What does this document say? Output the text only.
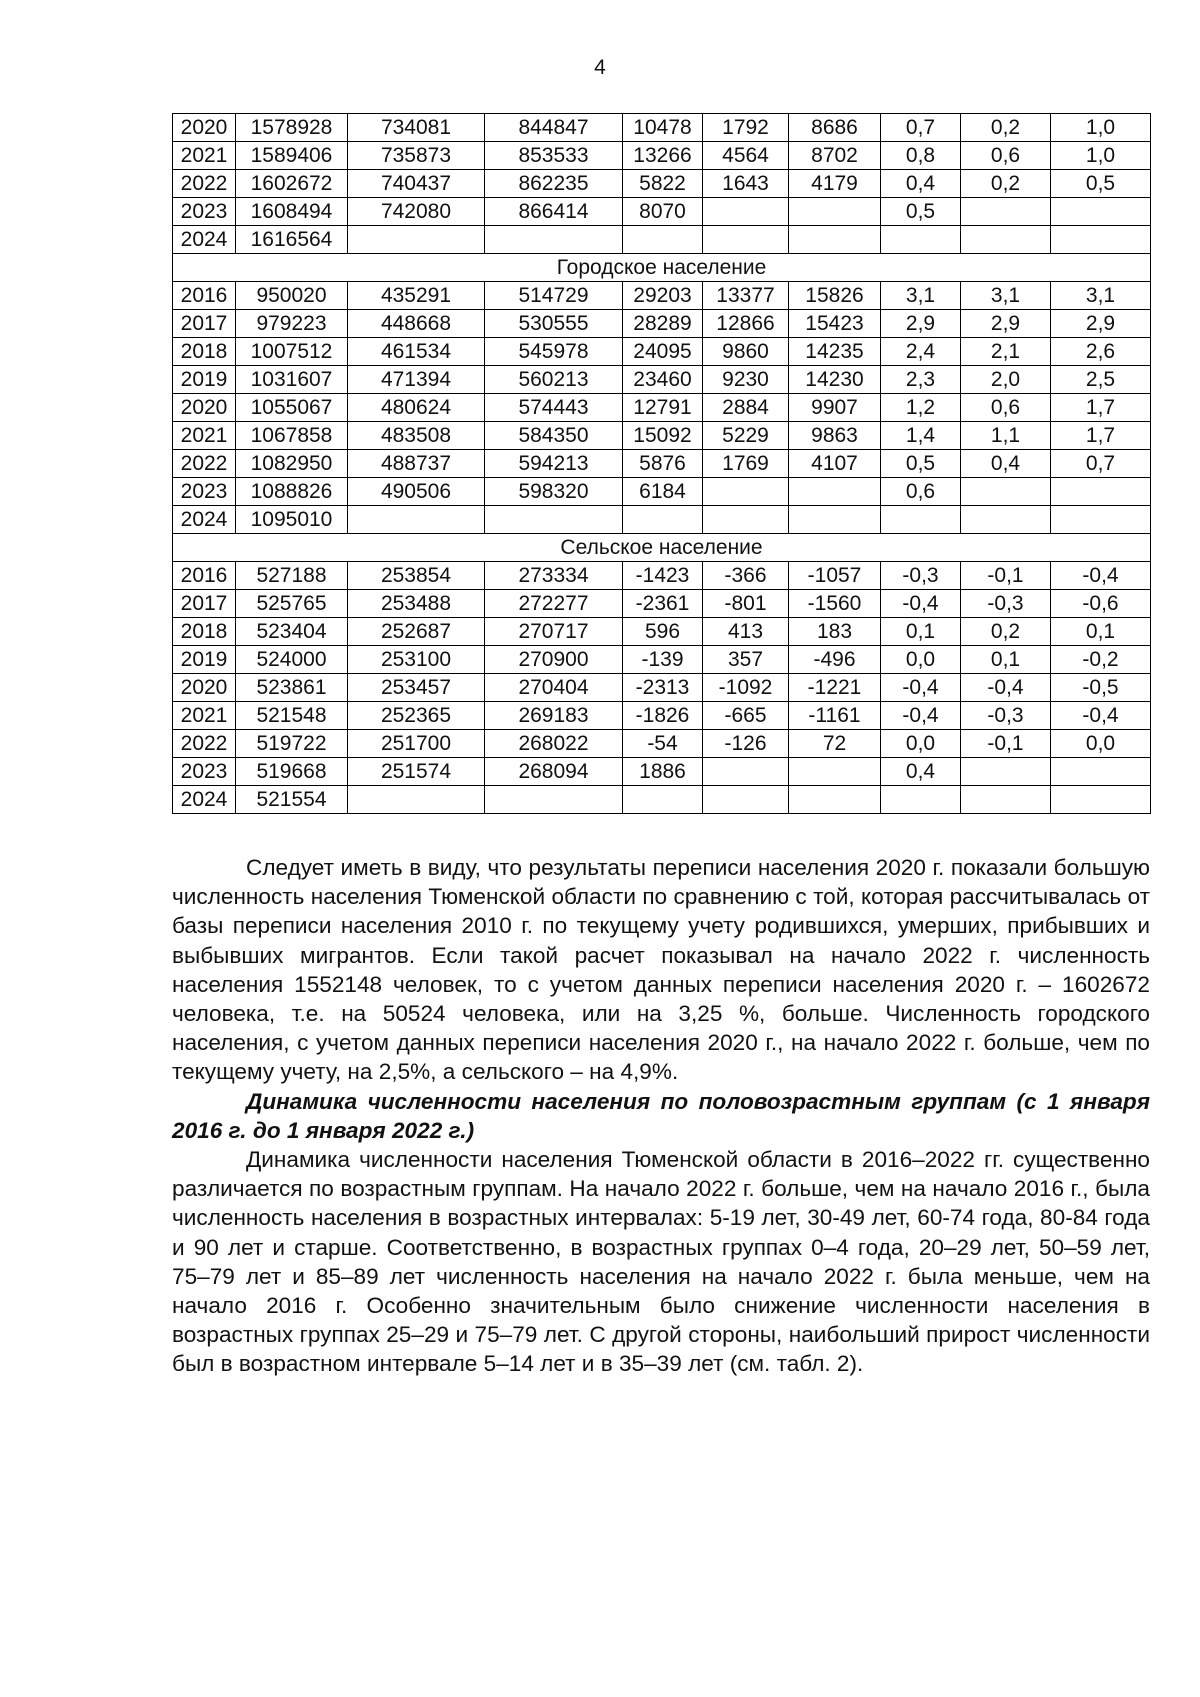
4
2020	1578928	734081	844847	10478	1792	8686	0,7	0,2	1,0
2021	1589406	735873	853533	13266	4564	8702	0,8	0,6	1,0
2022	1602672	740437	862235	5822	1643	4179	0,4	0,2	0,5
2023	1608494	742080	866414	8070			0,5		
2024	1616564								
Городское население									
2016	950020	435291	514729	29203	13377	15826	3,1	3,1	3,1
2017	979223	448668	530555	28289	12866	15423	2,9	2,9	2,9
2018	1007512	461534	545978	24095	9860	14235	2,4	2,1	2,6
2019	1031607	471394	560213	23460	9230	14230	2,3	2,0	2,5
2020	1055067	480624	574443	12791	2884	9907	1,2	0,6	1,7
2021	1067858	483508	584350	15092	5229	9863	1,4	1,1	1,7
2022	1082950	488737	594213	5876	1769	4107	0,5	0,4	0,7
2023	1088826	490506	598320	6184			0,6		
2024	1095010								
Сельское население									
2016	527188	253854	273334	-1423	-366	-1057	-0,3	-0,1	-0,4
2017	525765	253488	272277	-2361	-801	-1560	-0,4	-0,3	-0,6
2018	523404	252687	270717	596	413	183	0,1	0,2	0,1
2019	524000	253100	270900	-139	357	-496	0,0	0,1	-0,2
2020	523861	253457	270404	-2313	-1092	-1221	-0,4	-0,4	-0,5
2021	521548	252365	269183	-1826	-665	-1161	-0,4	-0,3	-0,4
2022	519722	251700	268022	-54	-126	72	0,0	-0,1	0,0
2023	519668	251574	268094	1886			0,4		
2024	521554								

Следует иметь в виду, что результаты переписи населения 2020 г. показали большую численность населения Тюменской области по сравнению с той, которая рассчитывалась от базы переписи населения 2010 г. по текущему учету родившихся, умерших, прибывших и выбывших мигрантов. Если такой расчет показывал на начало 2022 г. численность населения 1552148 человек, то с учетом данных переписи населения 2020 г. – 1602672 человека, т.е. на 50524 человека, или на 3,25 %, больше. Численность городского населения, с учетом данных переписи населения 2020 г., на начало 2022 г. больше, чем по текущему учету, на 2,5%, а сельского – на 4,9%.

Динамика численности населения по половозрастным группам (с 1 января 2016 г. до 1 января 2022 г.)

Динамика численности населения Тюменской области в 2016–2022 гг. существенно различается по возрастным группам. На начало 2022 г. больше, чем на начало 2016 г., была численность населения в возрастных интервалах: 5-19 лет, 30-49 лет, 60-74 года, 80-84 года и 90 лет и старше. Соответственно, в возрастных группах 0–4 года, 20–29 лет, 50–59 лет, 75–79 лет и 85–89 лет численность населения на начало 2022 г. была меньше, чем на начало 2016 г. Особенно значительным было снижение численности населения в возрастных группах 25–29 и 75–79 лет. С другой стороны, наибольший прирост численности был в возрастном интервале 5–14 лет и в 35–39 лет (см. табл. 2).
